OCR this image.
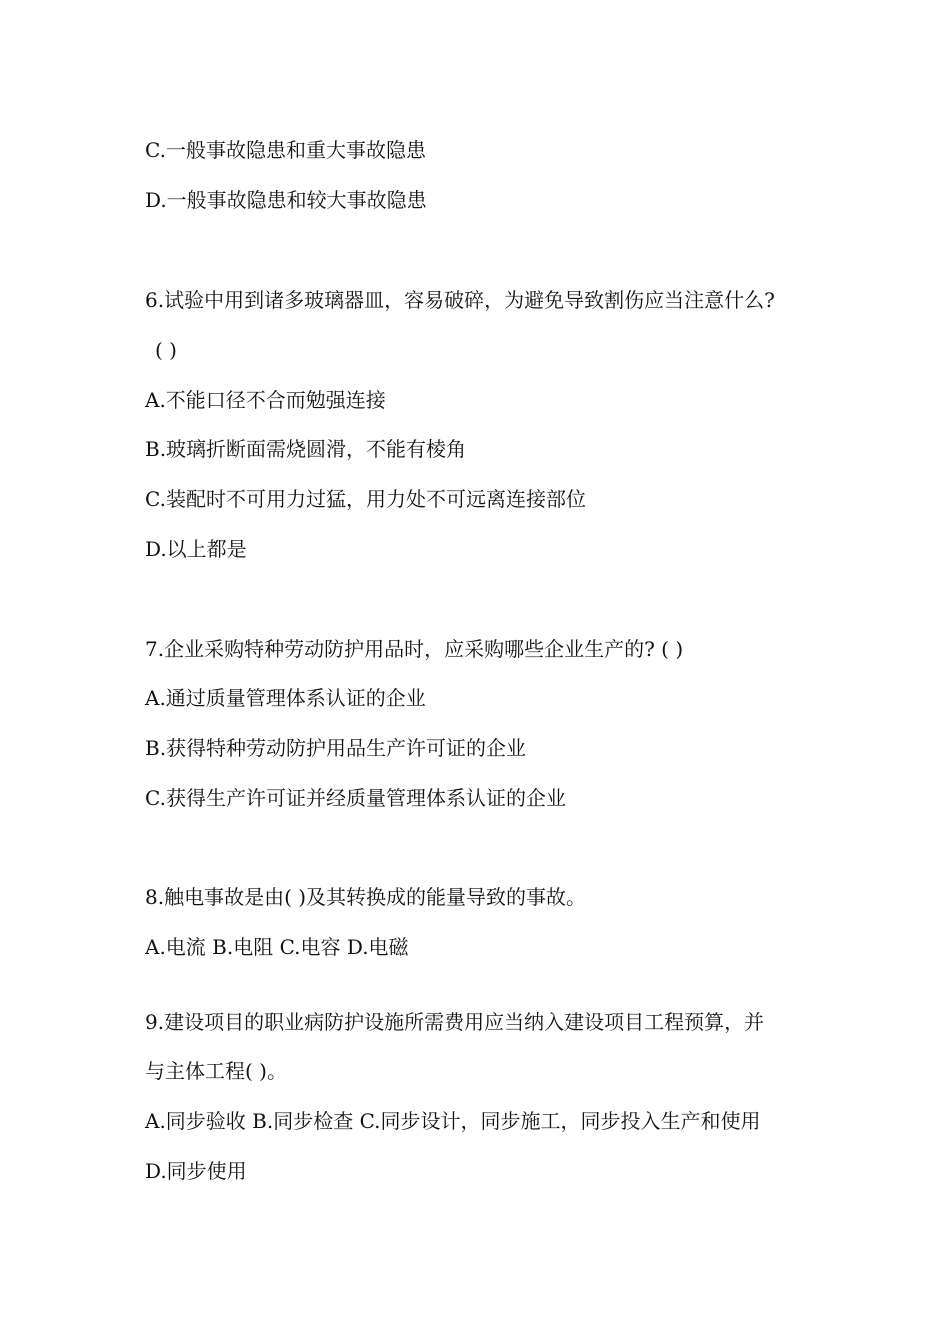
C.一般事故隐患和重大事故隐患
D.一般事故隐患和较大事故隐患
6.试验中用到诸多玻璃器皿，容易破碎，为避免导致割伤应当注意什么?
( )
A.不能口径不合而勉强连接
B.玻璃折断面需烧圆滑，不能有棱角
C.装配时不可用力过猛，用力处不可远离连接部位
D.以上都是
7.企业采购特种劳动防护用品时，应采购哪些企业生产的? ( )
A.通过质量管理体系认证的企业
B.获得特种劳动防护用品生产许可证的企业
C.获得生产许可证并经质量管理体系认证的企业
8.触电事故是由( )及其转换成的能量导致的事故。
A.电流 B.电阻 C.电容 D.电磁
9.建设项目的职业病防护设施所需费用应当纳入建设项目工程预算，并
与主体工程( )。
A.同步验收 B.同步检查 C.同步设计，同步施工，同步投入生产和使用
D.同步使用
